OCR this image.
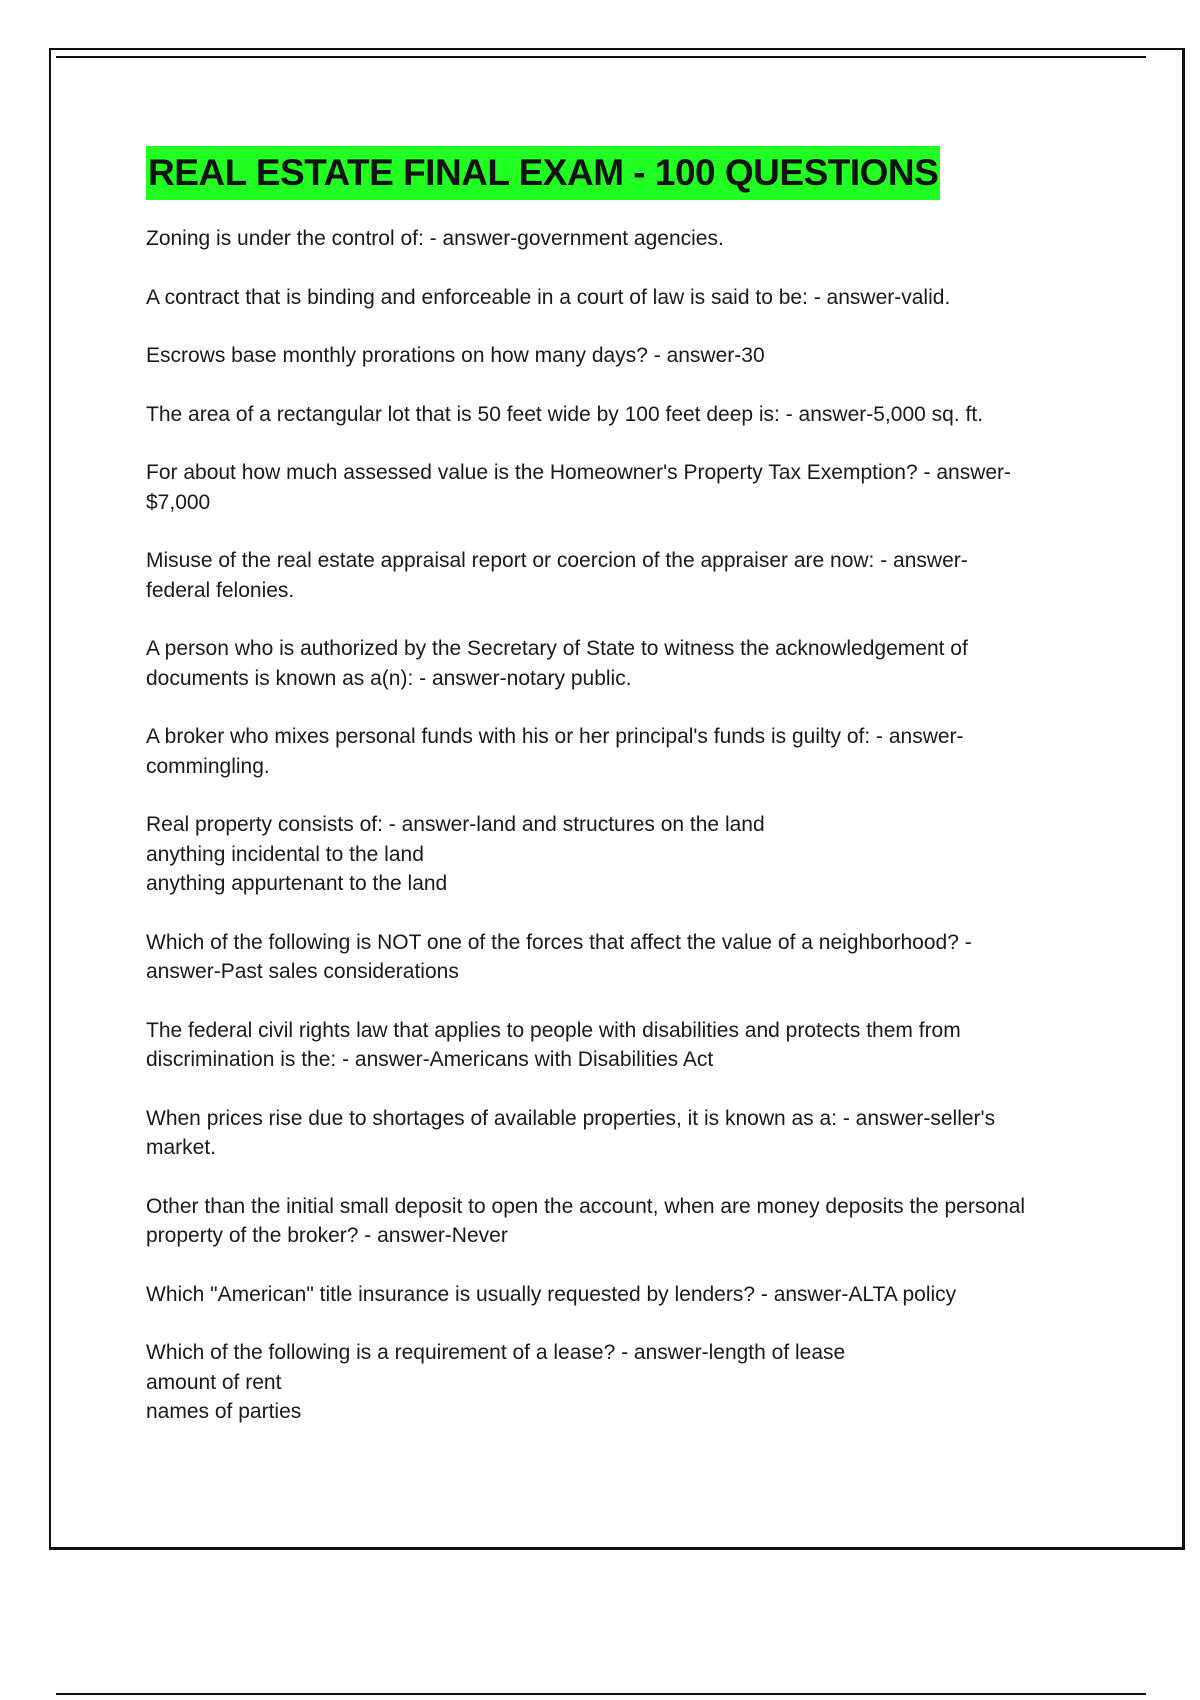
REAL ESTATE FINAL EXAM - 100 QUESTIONS

Zoning is under the control of: - answer-government agencies.

A contract that is binding and enforceable in a court of law is said to be: - answer-valid.

Escrows base monthly prorations on how many days? - answer-30

The area of a rectangular lot that is 50 feet wide by 100 feet deep is: - answer-5,000 sq. ft.

For about how much assessed value is the Homeowner's Property Tax Exemption? - answer-
$7,000

Misuse of the real estate appraisal report or coercion of the appraiser are now: - answer-
federal felonies.

A person who is authorized by the Secretary of State to witness the acknowledgement of
documents is known as a(n): - answer-notary public.

A broker who mixes personal funds with his or her principal's funds is guilty of: - answer-
commingling.

Real property consists of: - answer-land and structures on the land
anything incidental to the land
anything appurtenant to the land

Which of the following is NOT one of the forces that affect the value of a neighborhood? -
answer-Past sales considerations

The federal civil rights law that applies to people with disabilities and protects them from
discrimination is the: - answer-Americans with Disabilities Act

When prices rise due to shortages of available properties, it is known as a: - answer-seller's
market.

Other than the initial small deposit to open the account, when are money deposits the personal
property of the broker? - answer-Never

Which "American" title insurance is usually requested by lenders? - answer-ALTA policy

Which of the following is a requirement of a lease? - answer-length of lease
amount of rent
names of parties
